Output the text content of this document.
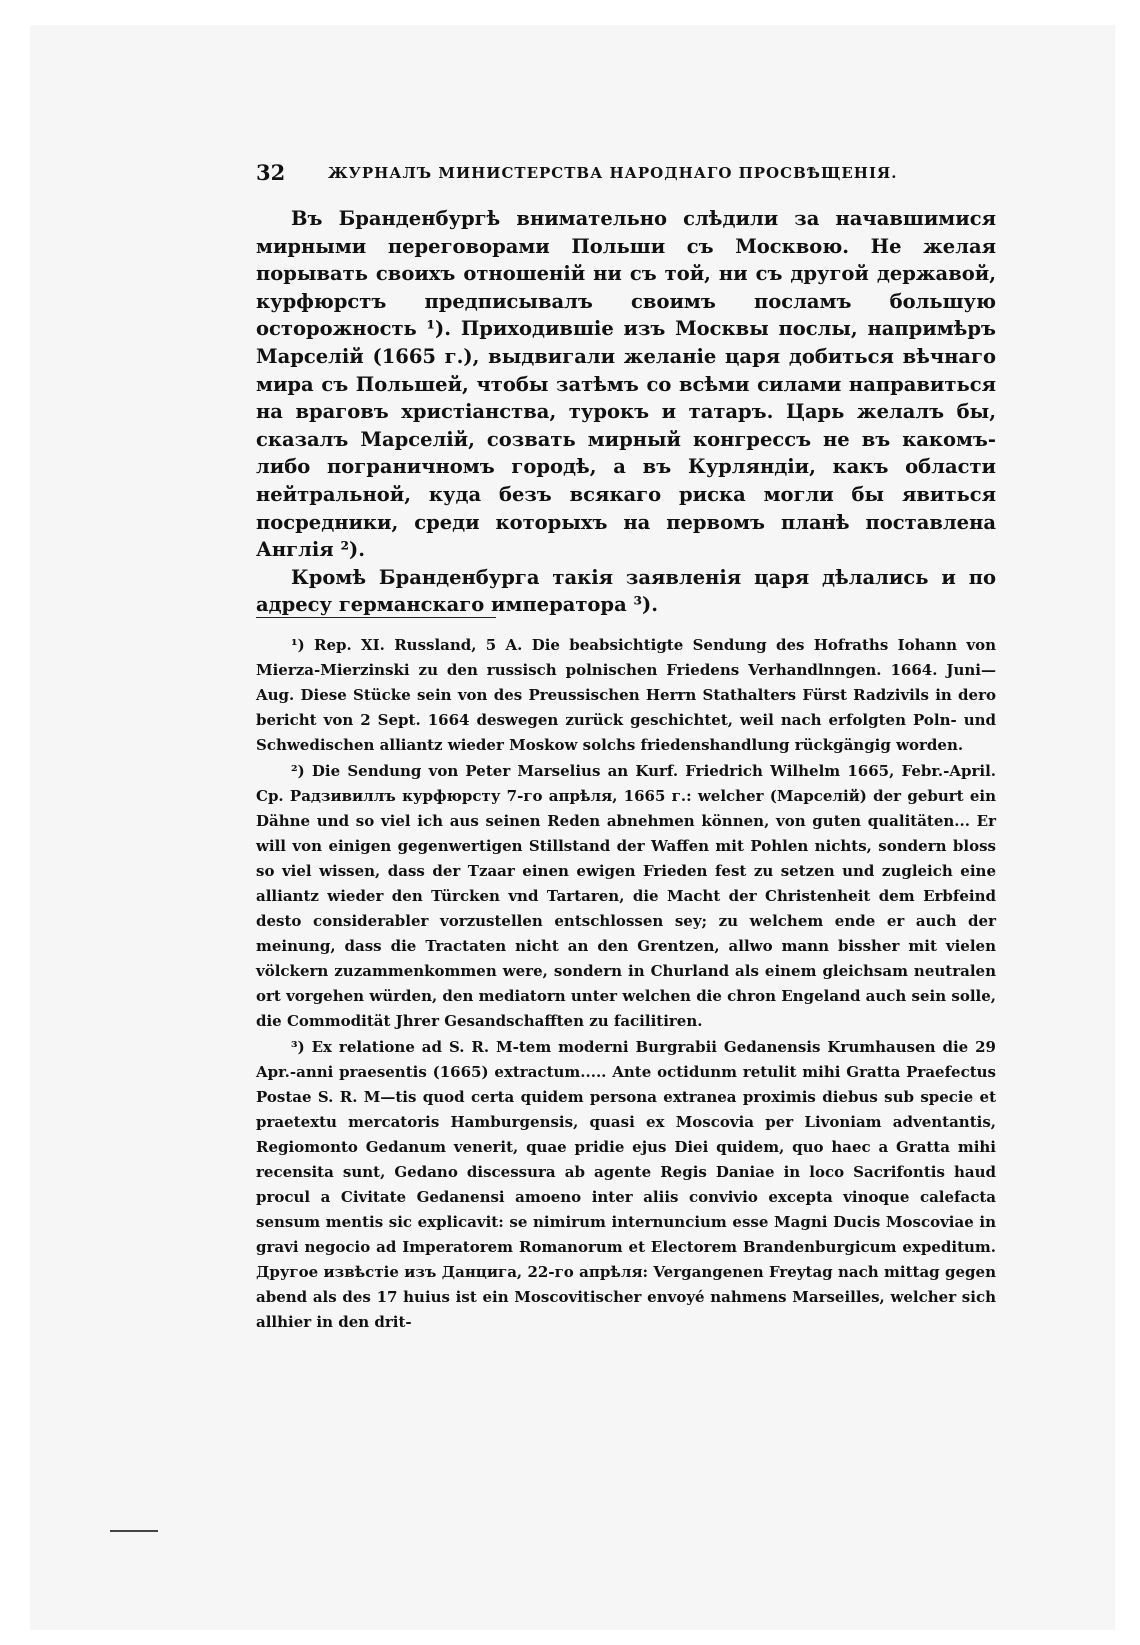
32	ЖУРНАЛЪ МИНИСТЕРСТВА НАРОДНАГО ПРОСВѢЩЕНІЯ.

Въ Бранденбургѣ внимательно слѣдили за начавшимися мирными переговорами Польши съ Москвою. Не желая порывать своихъ отношеній ни съ той, ни съ другой державой, курфюрстъ предписывалъ своимъ посламъ большую осторожность ¹). Приходившіе изъ Москвы послы, напримѣръ Марселій (1665 г.), выдвигали желаніе царя добиться вѣчнаго мира съ Польшей, чтобы затѣмъ со всѣми силами направиться на враговъ христіанства, турокъ и татаръ. Царь желалъ бы, сказалъ Марселій, созвать мирный конгрессъ не въ какомъ-либо пограничномъ городѣ, а въ Курляндіи, какъ области нейтральной, куда безъ всякаго риска могли бы явиться посредники, среди которыхъ на первомъ планѣ поставлена Англія ²).

Кромѣ Бранденбурга такія заявленія царя дѣлались и по адресу германскаго императора ³).

¹) Rep. XI. Russland, 5 A. Die beabsichtigte Sendung des Hofraths Iohann von Mierza-Mierzinski zu den russisch polnischen Friedens Verhandlnngen. 1664. Juni—Aug. Diese Stücke sein von des Preussischen Herrn Stathalters Fürst Radzivils in dero bericht von 2 Sept. 1664 deswegen zurück geschichtet, weil nach erfolgten Poln- und Schwedischen alliantz wieder Moskow solchs friedenshandlung rückgängig worden.

²) Die Sendung von Peter Marselius an Kurf. Friedrich Wilhelm 1665, Febr.-April. Ср. Радзивиллъ курфюрсту 7-го апрѣля, 1665 г.: welcher (Марселій) der geburt ein Dähne und so viel ich aus seinen Reden abnehmen können, von guten qualitäten... Er will von einigen gegenwertigen Stillstand der Waffen mit Pohlen nichts, sondern bloss so viel wissen, dass der Tzaar einen ewigen Frieden fest zu setzen und zugleich eine alliantz wieder den Türcken vnd Tartaren, die Macht der Christenheit dem Erbfeind desto considerabler vorzustellen entschlossen sey; zu welchem ende er auch der meinung, dass die Tractaten nicht an den Grentzen, allwo mann bissher mit vielen völckern zuzammenkommen were, sondern in Churland als einem gleichsam neutralen ort vorgehen würden, den mediatorn unter welchen die chron Engeland auch sein solle, die Commodität Jhrer Gesandschafften zu facilitiren.

³) Ex relatione ad S. R. M-tem moderni Burgrabii Gedanensis Krumhausen die 29 Apr.-anni praesentis (1665) extractum..... Ante octidunm retulit mihi Gratta Praefectus Postae S. R. M—tis quod certa quidem persona extranea proximis diebus sub specie et praetextu mercatoris Hamburgensis, quasi ex Moscovia per Livoniam adventantis, Regiomonto Gedanum venerit, quae pridie ejus Diei quidem, quo haec a Gratta mihi recensita sunt, Gedano discessura ab agente Regis Daniae in loco Sacrifontis haud procul a Civitate Gedanensi amoeno inter aliis convivio excepta vinoque calefacta sensum mentis sic explicavit: se nimirum internuncium esse Magni Ducis Moscoviae in gravi negocio ad Imperatorem Romanorum et Electorem Brandenburgicum expeditum. Другое извѣстіе изъ Данцига, 22-го апрѣля: Vergangenen Freytag nach mittag gegen abend als des 17 huius ist ein Moscovitischer envoyé nahmens Marseilles, welcher sich allhier in den drit-
